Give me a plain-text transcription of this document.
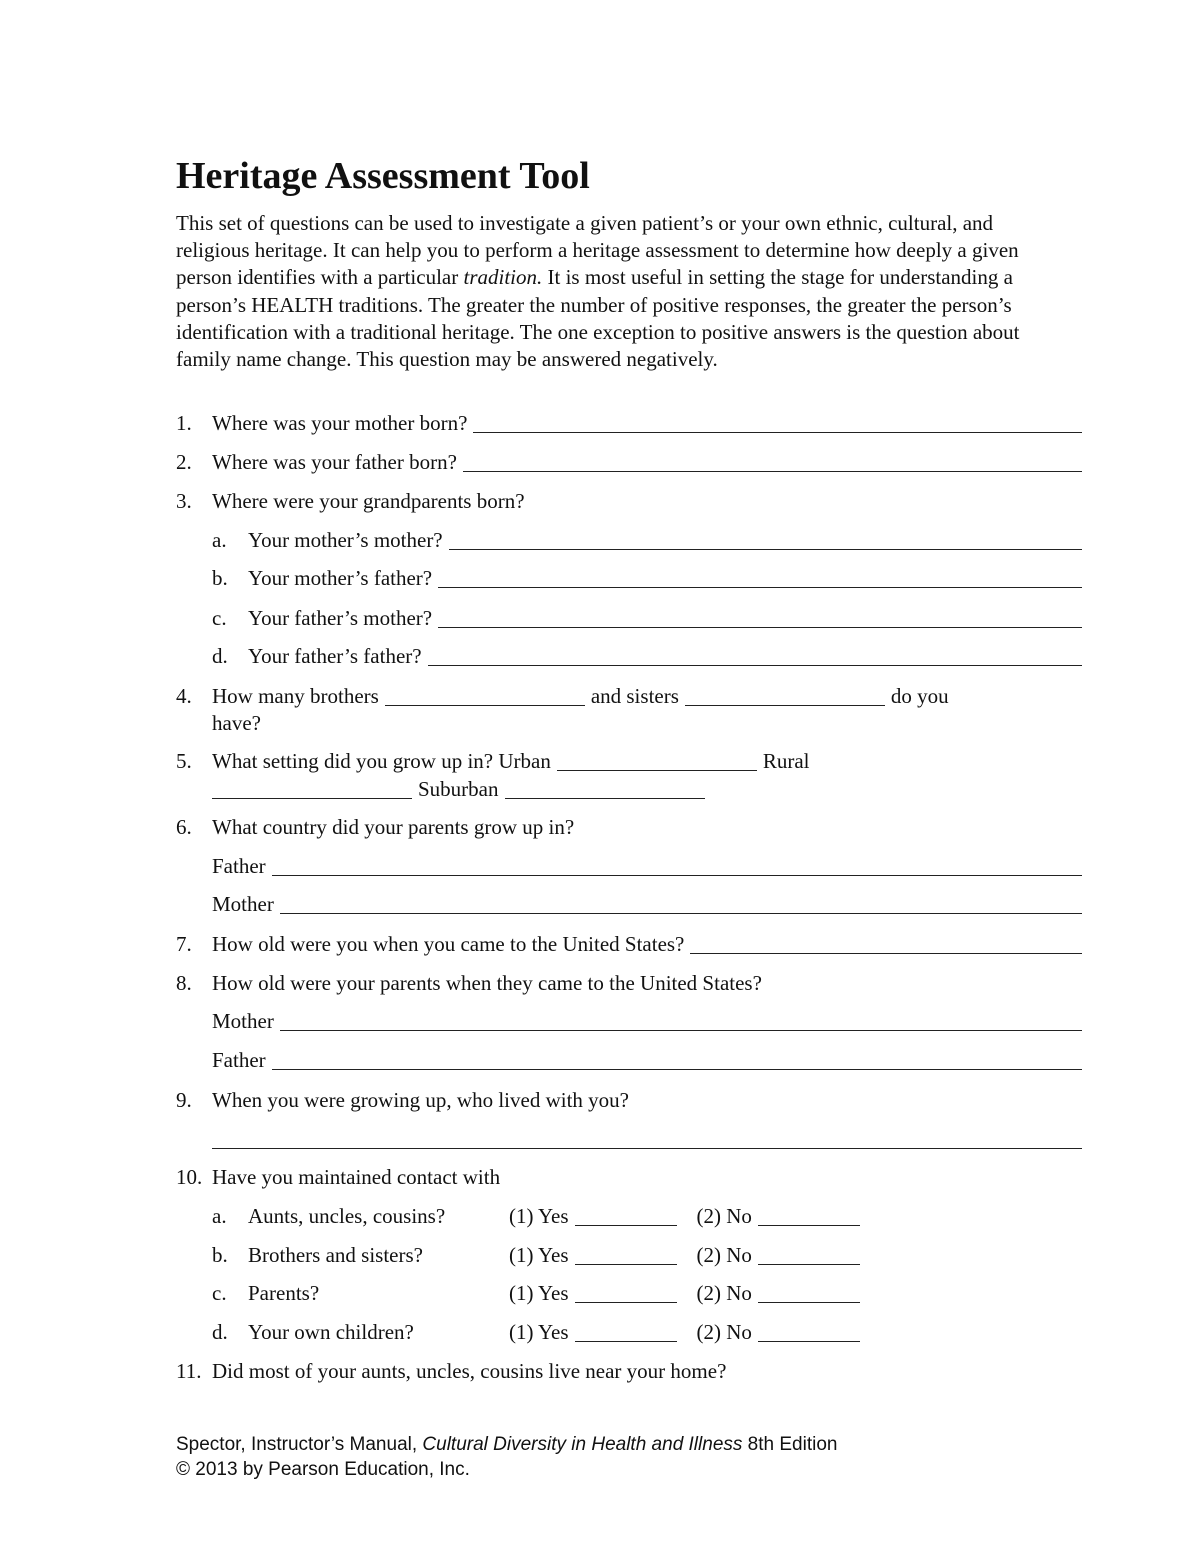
Heritage Assessment Tool
This set of questions can be used to investigate a given patient’s or your own ethnic, cultural, and religious heritage. It can help you to perform a heritage assessment to determine how deeply a given person identifies with a particular tradition. It is most useful in setting the stage for understanding a person’s HEALTH traditions. The greater the number of positive responses, the greater the person’s identification with a traditional heritage. The one exception to positive answers is the question about family name change. This question may be answered negatively.
1. Where was your mother born?
2. Where was your father born?
3. Where were your grandparents born?
a.	Your mother’s mother?
b. Your mother’s father?
c.	Your father’s mother?
d. Your father’s father?
4. How many brothers	and sisters	do you
have?
5. What setting did you grow up in? Urban	Rural
Suburban
6. What country did your parents grow up in?
Father
Mother
7. How old were you when you came to the United States?
8. How old were your parents when they came to the United States?
Mother
Father
9. When you were growing up, who lived with you?
10. Have you maintained contact with
a.	Aunts, uncles, cousins?	(1) Yes	(2) No
b. Brothers and sisters?	(1) Yes	(2) No
c.	Parents?	(1) Yes	(2) No
d. Your own children?	(1) Yes	(2) No
11. Did most of your aunts, uncles, cousins live near your home?
Spector, Instructor’s Manual, Cultural Diversity in Health and Illness 8th Edition
© 2013 by Pearson Education, Inc.
